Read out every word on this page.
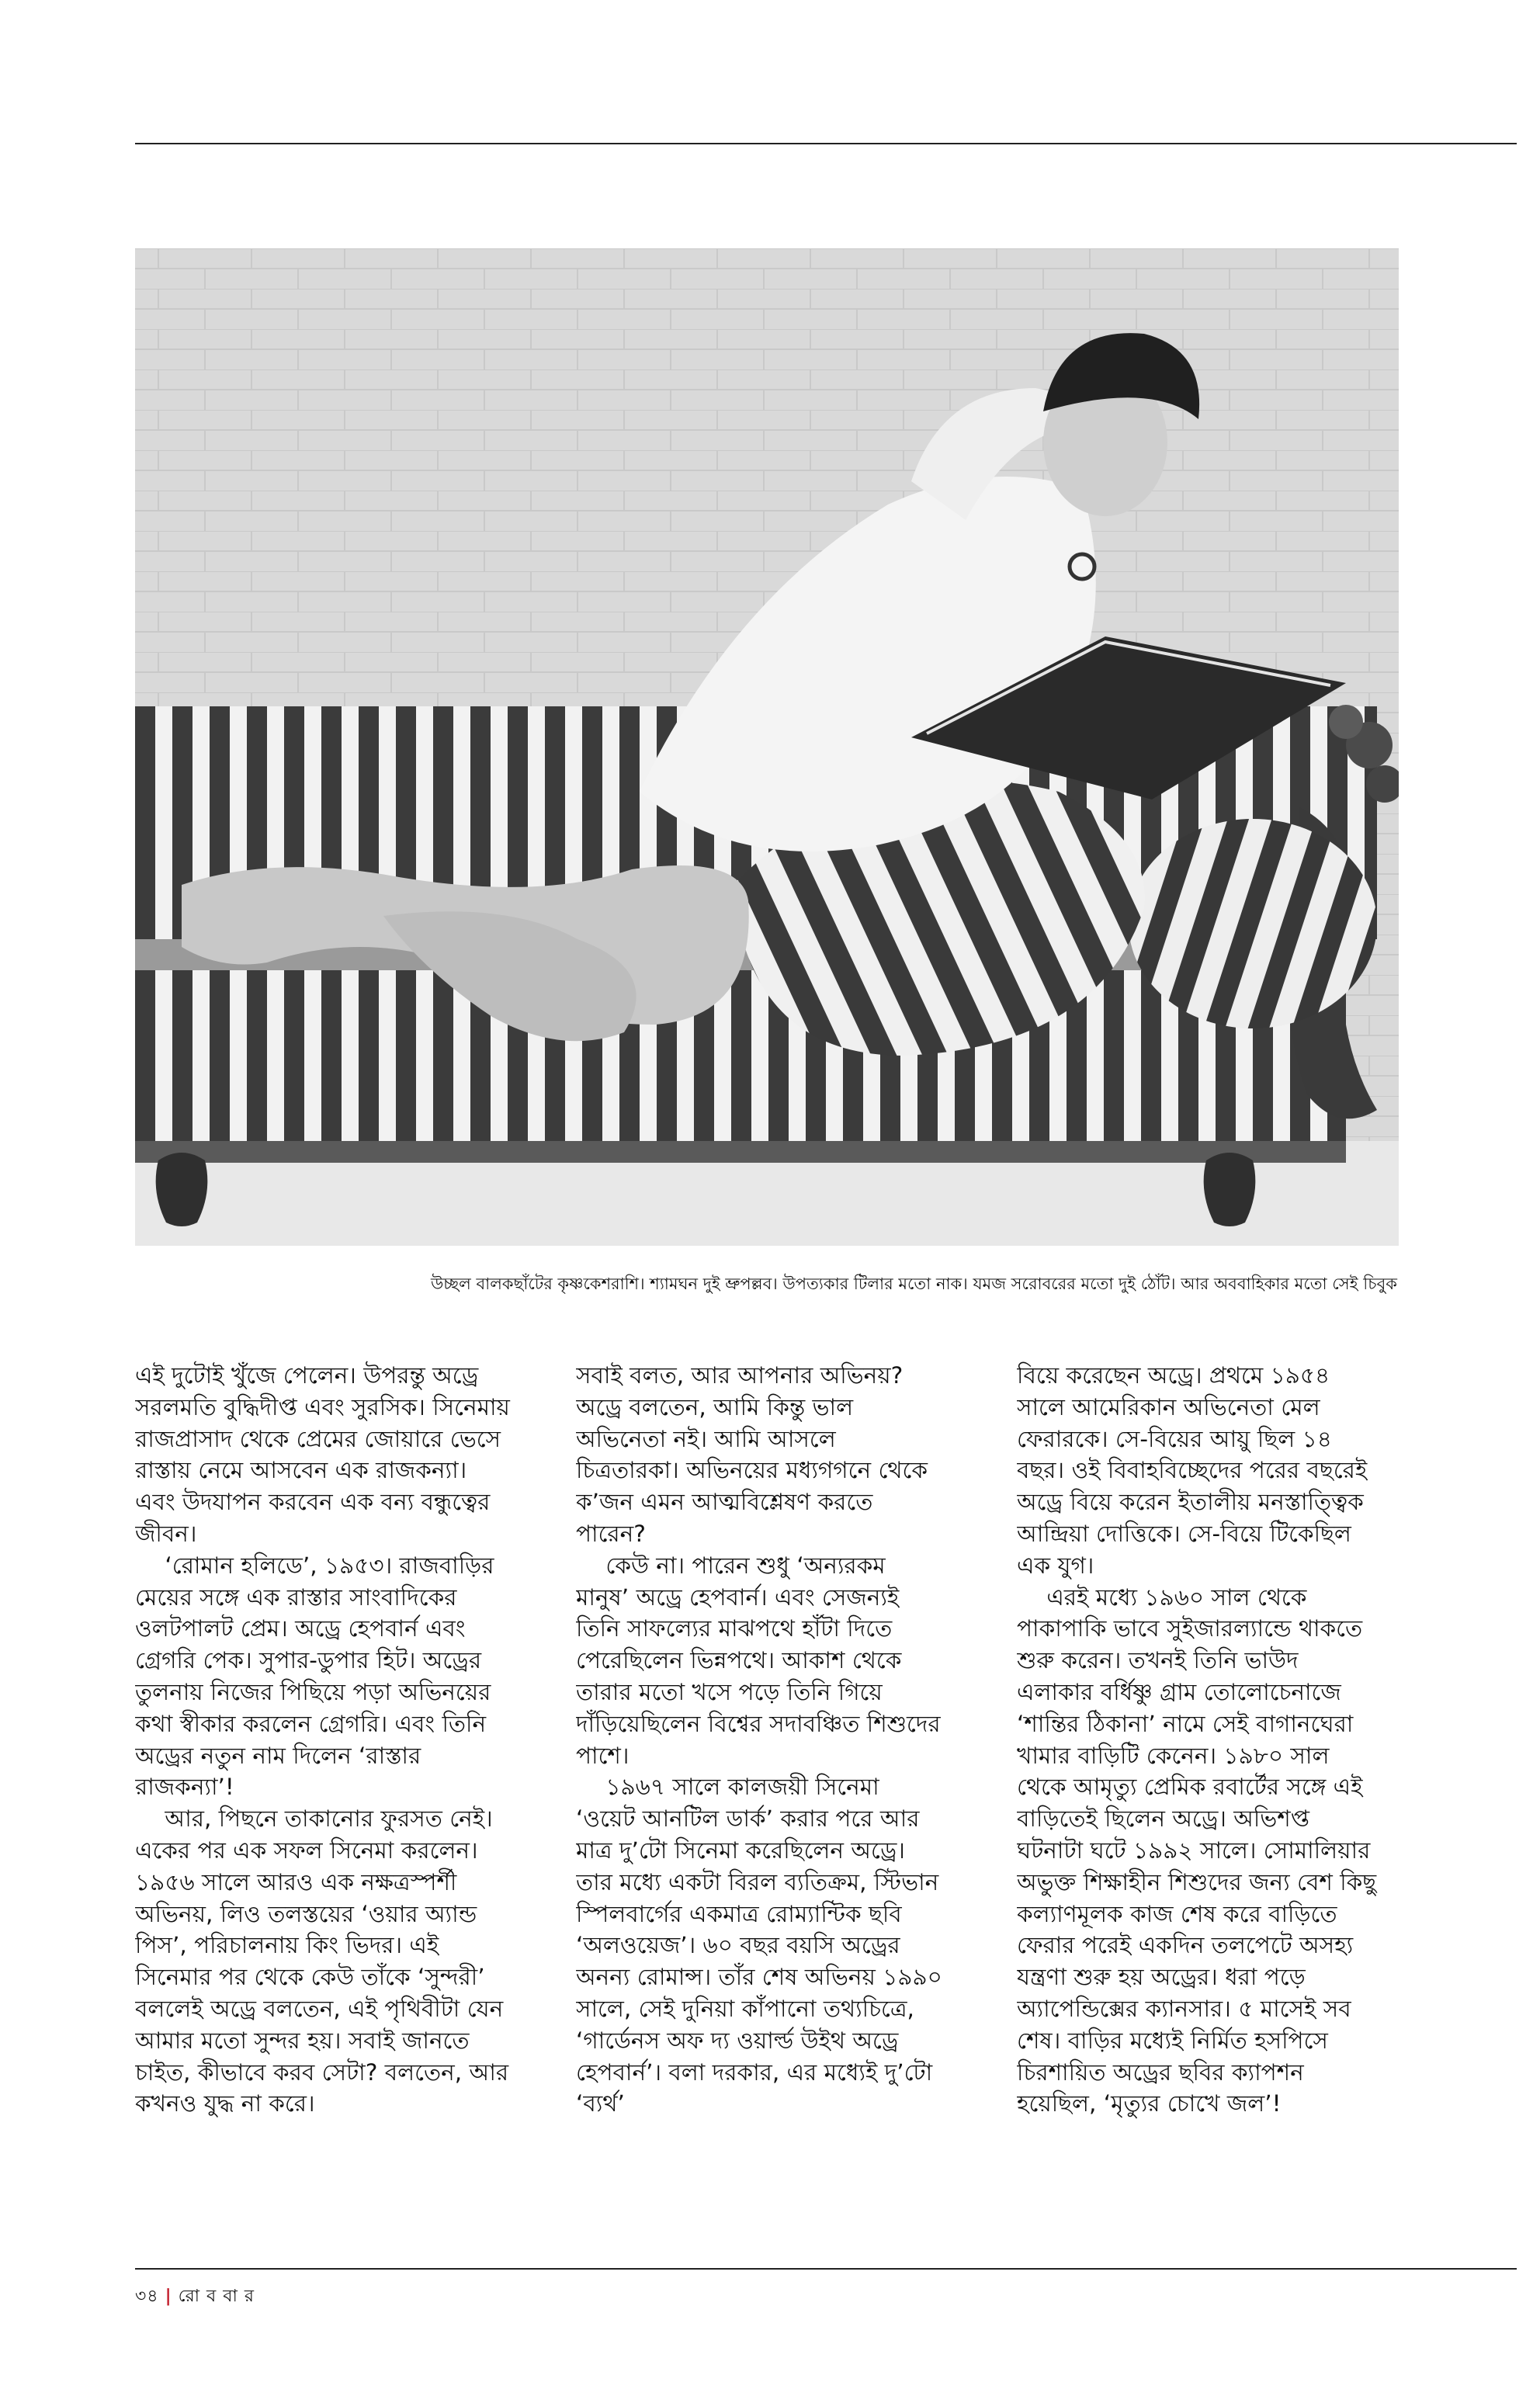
উচ্ছল বালকছাঁটের কৃষ্ণকেশরাশি। শ্যামঘন দুই ভ্রুপল্লব। উপত্যকার টিলার মতো নাক। যমজ সরোবরের মতো দুই ঠোঁট। আর অববাহিকার মতো সেই চিবুক

এই দুটোই খুঁজে পেলেন। উপরন্তু অড্রে সরলমতি বুদ্ধিদীপ্ত এবং সুরসিক। সিনেমায় রাজপ্রাসাদ থেকে প্রেমের জোয়ারে ভেসে রাস্তায় নেমে আসবেন এক রাজকন্যা। এবং উদযাপন করবেন এক বন্য বন্ধুত্বের জীবন।

‘রোমান হলিডে’, ১৯৫৩। রাজবাড়ির মেয়ের সঙ্গে এক রাস্তার সাংবাদিকের ওলটপালট প্রেম। অড্রে হেপবার্ন এবং গ্রেগরি পেক। সুপার-ডুপার হিট। অড্রের তুলনায় নিজের পিছিয়ে পড়া অভিনয়ের কথা স্বীকার করলেন গ্রেগরি। এবং তিনি অড্রের নতুন নাম দিলেন ‘রাস্তার রাজকন্যা’!

আর, পিছনে তাকানোর ফুরসত নেই। একের পর এক সফল সিনেমা করলেন। ১৯৫৬ সালে আরও এক নক্ষত্রস্পর্শী অভিনয়, লিও তলস্তয়ের ‘ওয়ার অ্যান্ড পিস’, পরিচালনায় কিং ভিদর। এই সিনেমার পর থেকে কেউ তাঁকে ‘সুন্দরী’ বললেই অড্রে বলতেন, এই পৃথিবীটা যেন আমার মতো সুন্দর হয়। সবাই জানতে চাইত, কীভাবে করব সেটা? বলতেন, আর কখনও যুদ্ধ না করে।

সবাই বলত, আর আপনার অভিনয়? অড্রে বলতেন, আমি কিন্তু ভাল অভিনেতা নই। আমি আসলে চিত্রতারকা। অভিনয়ের মধ্যগগনে থেকে ক’জন এমন আত্মবিশ্লেষণ করতে পারেন?

কেউ না। পারেন শুধু ‘অন্যরকম মানুষ’ অড্রে হেপবার্ন। এবং সেজন্যই তিনি সাফল্যের মাঝপথে হাঁটা দিতে পেরেছিলেন ভিন্নপথে। আকাশ থেকে তারার মতো খসে পড়ে তিনি গিয়ে দাঁড়িয়েছিলেন বিশ্বের সদাবঞ্চিত শিশুদের পাশে।

১৯৬৭ সালে কালজয়ী সিনেমা ‘ওয়েট আনটিল ডার্ক’ করার পরে আর মাত্র দু’টো সিনেমা করেছিলেন অড্রে। তার মধ্যে একটা বিরল ব্যতিক্রম, স্টিভান স্পিলবার্গের একমাত্র রোম্যান্টিক ছবি ‘অলওয়েজ’। ৬০ বছর বয়সি অড্রের অনন্য রোমান্স। তাঁর শেষ অভিনয় ১৯৯০ সালে, সেই দুনিয়া কাঁপানো তথ্যচিত্রে, ‘গার্ডেনস অফ দ্য ওয়ার্ল্ড উইথ অড্রে হেপবার্ন’। বলা দরকার, এর মধ্যেই দু’টো ‘ব্যর্থ’

বিয়ে করেছেন অড্রে। প্রথমে ১৯৫৪ সালে আমেরিকান অভিনেতা মেল ফেরারকে। সে-বিয়ের আয়ু ছিল ১৪ বছর। ওই বিবাহবিচ্ছেদের পরের বছরেই অড্রে বিয়ে করেন ইতালীয় মনস্তাত্ত্বিক আন্দ্রিয়া দোত্তিকে। সে-বিয়ে টিকেছিল এক যুগ।

এরই মধ্যে ১৯৬০ সাল থেকে পাকাপাকি ভাবে সুইজারল্যান্ডে থাকতে শুরু করেন। তখনই তিনি ভাউদ এলাকার বর্ধিষ্ণু গ্রাম তোলোচেনাজে ‘শান্তির ঠিকানা’ নামে সেই বাগানঘেরা খামার বাড়িটি কেনেন। ১৯৮০ সাল থেকে আমৃত্যু প্রেমিক রবার্টের সঙ্গে এই বাড়িতেই ছিলেন অড্রে। অভিশপ্ত ঘটনাটা ঘটে ১৯৯২ সালে। সোমালিয়ার অভুক্ত শিক্ষাহীন শিশুদের জন্য বেশ কিছু কল্যাণমূলক কাজ শেষ করে বাড়িতে ফেরার পরেই একদিন তলপেটে অসহ্য যন্ত্রণা শুরু হয় অড্রের। ধরা পড়ে অ্যাপেন্ডিক্সের ক্যানসার। ৫ মাসেই সব শেষ। বাড়ির মধ্যেই নির্মিত হসপিসে চিরশায়িত অড্রের ছবির ক্যাপশন হয়েছিল, ‘মৃত্যুর চোখে জল’!

৩৪ | রো ব বা র
